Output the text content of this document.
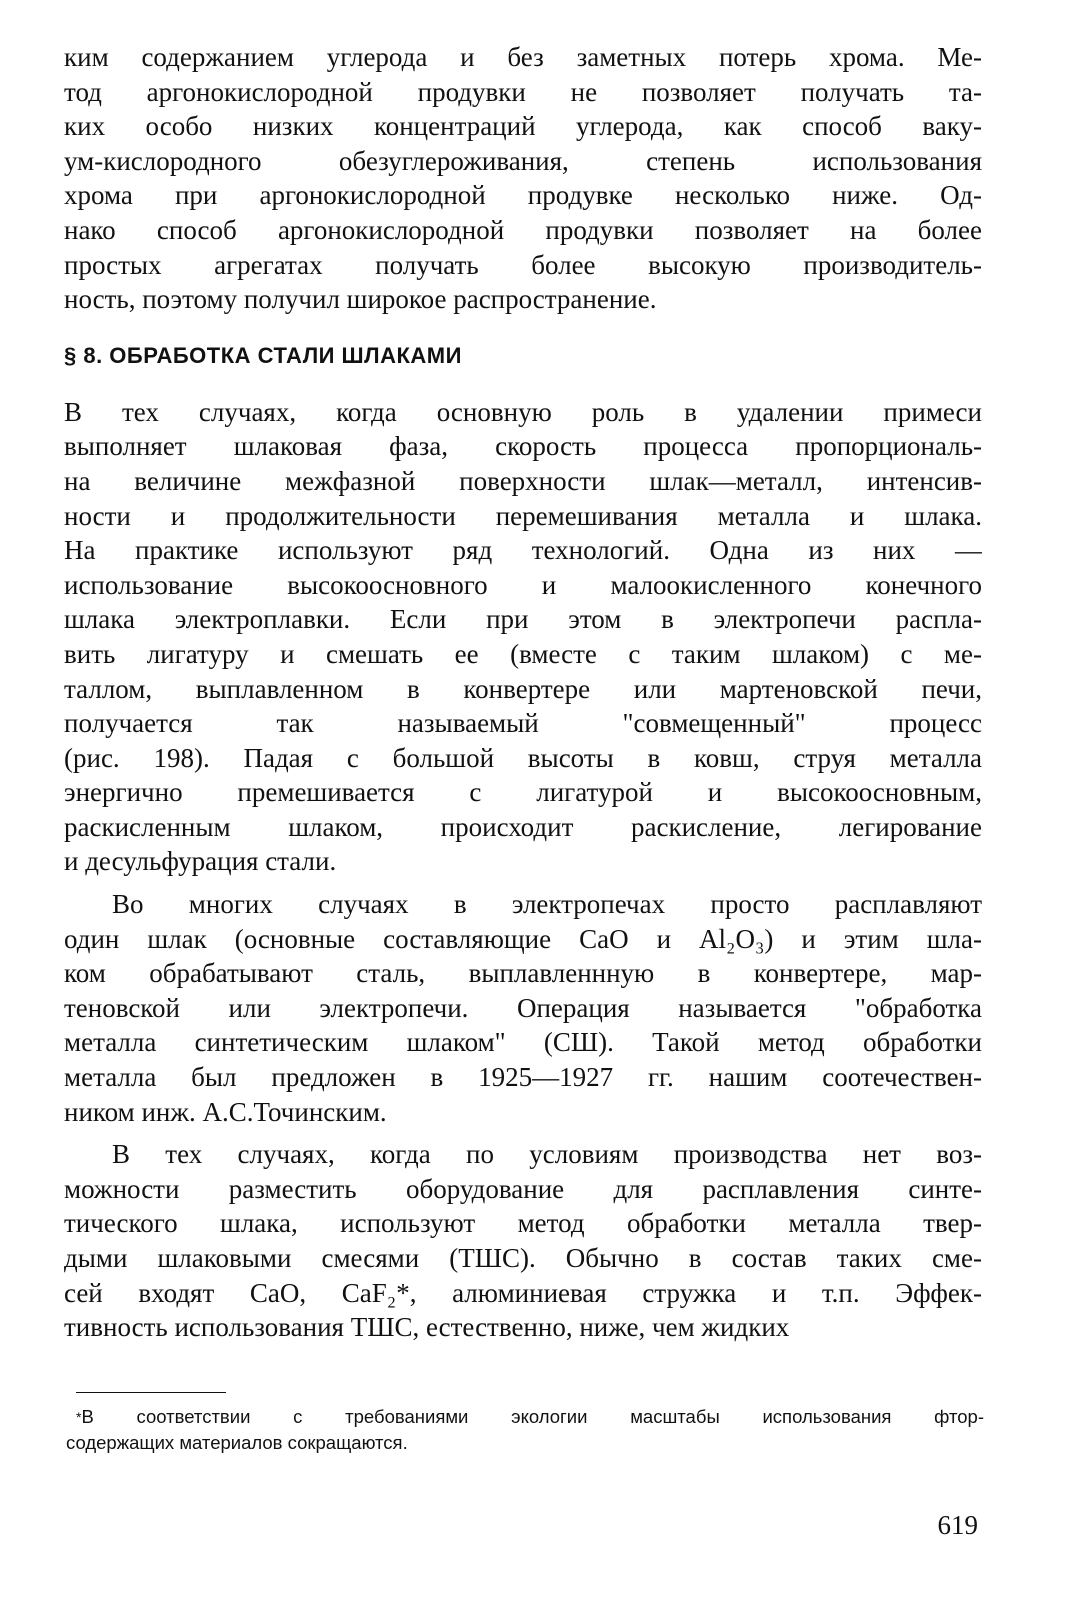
ким содержанием углерода и без заметных потерь хрома. Ме-
тод аргонокислородной продувки не позволяет получать та-
ких особо низких концентраций углерода, как способ ваку-
ум-кислородного обезуглероживания, степень использования
хрома при аргонокислородной продувке несколько ниже. Од-
нако способ аргонокислородной продувки позволяет на более
простых агрегатах получать более высокую производитель-
ность, поэтому получил широкое распространение.
§ 8. ОБРАБОТКА СТАЛИ ШЛАКАМИ
В тех случаях, когда основную роль в удалении примеси
выполняет шлаковая фаза, скорость процесса пропорциональ-
на величине межфазной поверхности шлак—металл, интенсив-
ности и продолжительности перемешивания металла и шлака.
На практике используют ряд технологий. Одна из них —
использование высокоосновного и малоокисленного конечного
шлака электроплавки. Если при этом в электропечи распла-
вить лигатуру и смешать ее (вместе с таким шлаком) с ме-
таллом, выплавленном в конвертере или мартеновской печи,
получается так называемый "совмещенный" процесс
(рис. 198). Падая с большой высоты в ковш, струя металла
энергично премешивается с лигатурой и высокоосновным,
раскисленным шлаком, происходит раскисление, легирование
и десульфурация стали.
Во многих случаях в электропечах просто расплавляют
один шлак (основные составляющие CaO и Al₂O₃) и этим шла-
ком обрабатывают сталь, выплавленнную в конвертере, мар-
теновской или электропечи. Операция называется "обработка
металла синтетическим шлаком" (СШ). Такой метод обработки
металла был предложен в 1925—1927 гг. нашим соотечествен-
ником инж. А.С.Точинским.
В тех случаях, когда по условиям производства нет воз-
можности разместить оборудование для расплавления синте-
тического шлака, используют метод обработки металла твер-
дыми шлаковыми смесями (ТШС). Обычно в состав таких сме-
сей входят CaO, CaF₂*, алюминиевая стружка и т.п. Эффек-
тивность использования ТШС, естественно, ниже, чем жидких
*В соответствии с требованиями экологии масштабы использования фтор-
содержащих материалов сокращаются.
619
